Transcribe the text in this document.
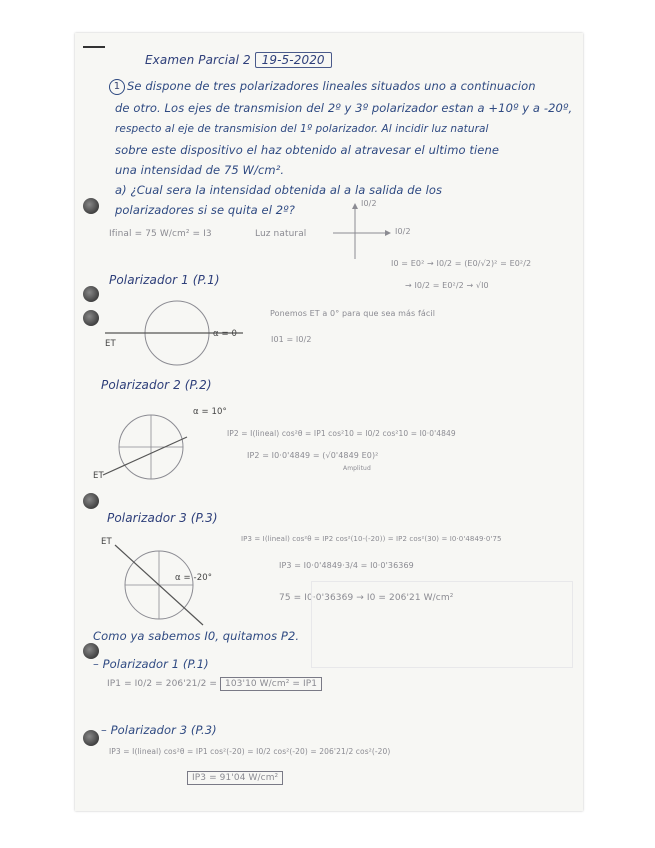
Examen Parcial 2 19-5-2020
1 Se dispone de tres polarizadores lineales situados uno a continuacion
de otro. Los ejes de transmision del 2º y 3º polarizador estan a +10º y a -20º,
respecto al eje de transmision del 1º polarizador. Al incidir luz natural
sobre este dispositivo el haz obtenido al atravesar el ultimo tiene
una intensidad de 75 W/cm².
a) ¿Cual sera la intensidad obtenida al a la salida de los
polarizadores si se quita el 2º?
Ifinal = 75 W/cm² = I3	Luz natural
I0/2
I0/2
I0 = E0² → I0/2 = (E0/√2)² = E0²/2
→ I0/2 = E0²/2 → √I0
Polarizador 1 (P.1)
α = 0
ET
Ponemos ET a 0° para que sea más fácil
I01 = I0/2
Polarizador 2 (P.2)
α = 10°
ET
IP2 = I(lineal) cos²θ = IP1 cos²10 = I0/2 cos²10 = I0·0'4849
IP2 = I0·0'4849 = (√0'4849 E0)²
Amplitud
Polarizador 3 (P.3)
ET
α = -20°
IP3 = I(lineal) cos²θ = IP2 cos²(10-(-20)) = IP2 cos²(30) = I0·0'4849·0'75
IP3 = I0·0'4849·3/4 = I0·0'36369
75 = I0·0'36369 → I0 = 206'21 W/cm²
Como ya sabemos I0, quitamos P2.
– Polarizador 1 (P.1)
IP1 = I0/2 = 206'21/2 = 103'10 W/cm² = IP1
– Polarizador 3 (P.3)
IP3 = I(lineal) cos²θ = IP1 cos²(-20) = I0/2 cos²(-20) = 206'21/2 cos²(-20)
IP3 = 91'04 W/cm²
